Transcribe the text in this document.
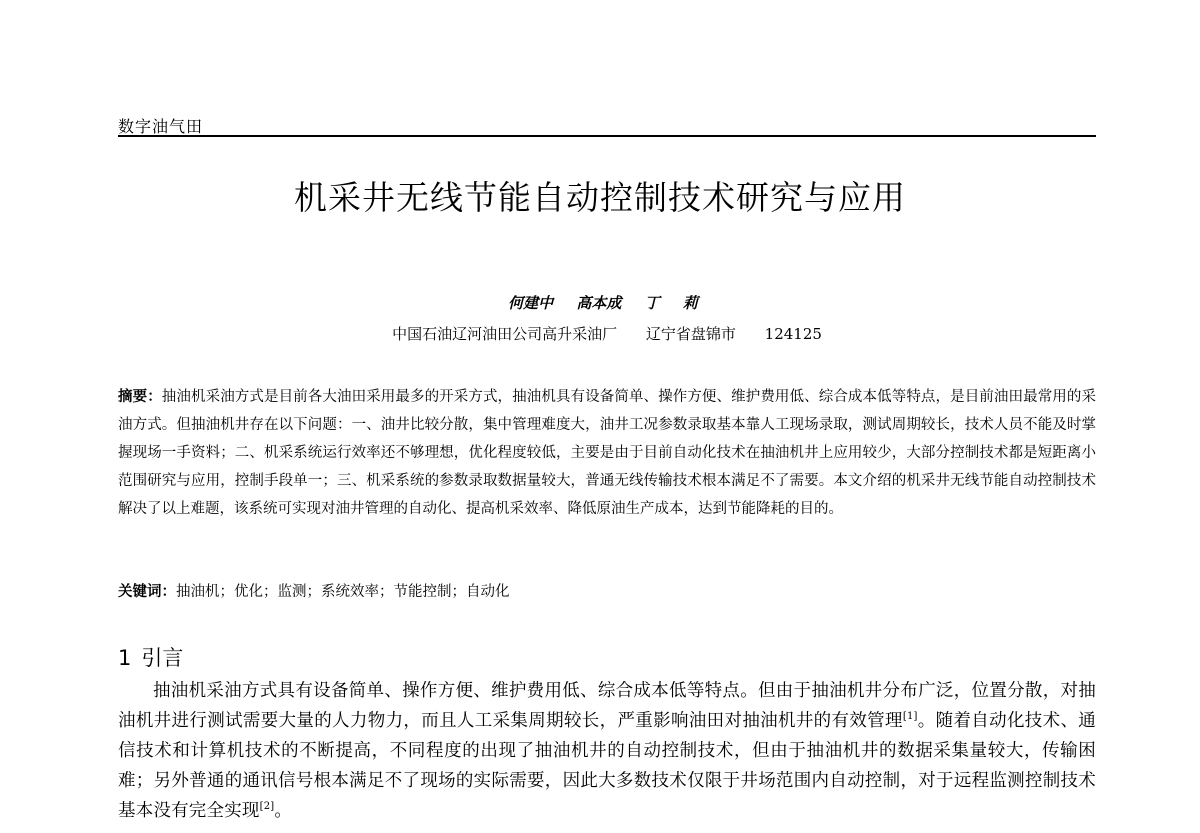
数字油气田
机采井无线节能自动控制技术研究与应用
何建中 高本成 丁 莉
中国石油辽河油田公司高升采油厂 辽宁省盘锦市 124125
摘要：抽油机采油方式是目前各大油田采用最多的开采方式，抽油机具有设备简单、操作方便、维护费用低、综合成本低等特点，是目前油田最常用的采油方式。但抽油机井存在以下问题：一、油井比较分散，集中管理难度大，油井工况参数录取基本靠人工现场录取，测试周期较长，技术人员不能及时掌握现场一手资料；二、机采系统运行效率还不够理想，优化程度较低，主要是由于目前自动化技术在抽油机井上应用较少，大部分控制技术都是短距离小范围研究与应用，控制手段单一；三、机采系统的参数录取数据量较大，普通无线传输技术根本满足不了需要。本文介绍的机采井无线节能自动控制技术解决了以上难题，该系统可实现对油井管理的自动化、提高机采效率、降低原油生产成本，达到节能降耗的目的。
关键词：抽油机；优化；监测；系统效率；节能控制；自动化
1 引言
抽油机采油方式具有设备简单、操作方便、维护费用低、综合成本低等特点。但由于抽油机井分布广泛，位置分散，对抽油机井进行测试需要大量的人力物力，而且人工采集周期较长，严重影响油田对抽油机井的有效管理[1]。随着自动化技术、通信技术和计算机技术的不断提高，不同程度的出现了抽油机井的自动控制技术，但由于抽油机井的数据采集量较大，传输困难；另外普通的通讯信号根本满足不了现场的实际需要，因此大多数技术仅限于井场范围内自动控制，对于远程监测控制技术基本没有完全实现[2]。
